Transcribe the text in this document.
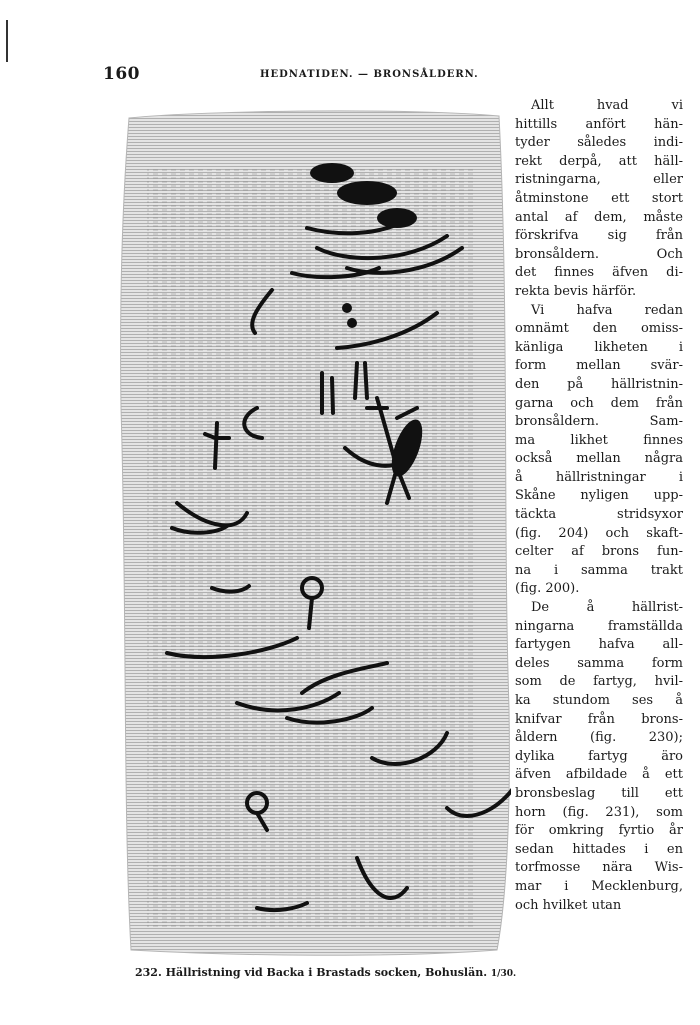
160	HEDNATIDEN. — BRONSÅLDERN.
232. Hällristning vid Backa i Brastads socken, Bohuslän. 1/30.
Allt hvad vi
hittills anfört hän-
tyder således indi-
rekt derpå, att häll-
ristningarna, eller
åtminstone ett stort
antal af dem, måste
förskrifva sig från
bronsåldern. Och
det finnes äfven di-
rekta bevis härför.
Vi hafva redan
omnämt den omiss-
känliga likheten i
form mellan svär-
den på hällristnin-
garna och dem från
bronsåldern. Sam-
ma likhet finnes
också mellan några
å hällristningar i
Skåne nyligen upp-
täckta stridsyxor
(fig. 204) och skaft-
celter af brons fun-
na i samma trakt
(fig. 200).
De å hällrist-
ningarna framställda
fartygen hafva all-
deles samma form
som de fartyg, hvil-
ka stundom ses å
knifvar från brons-
åldern (fig. 230);
dylika fartyg äro
äfven afbildade å ett
bronsbeslag till ett
horn (fig. 231), som
för omkring fyrtio år
sedan hittades i en
torfmosse nära Wis-
mar i Mecklenburg,
och hvilket utan
